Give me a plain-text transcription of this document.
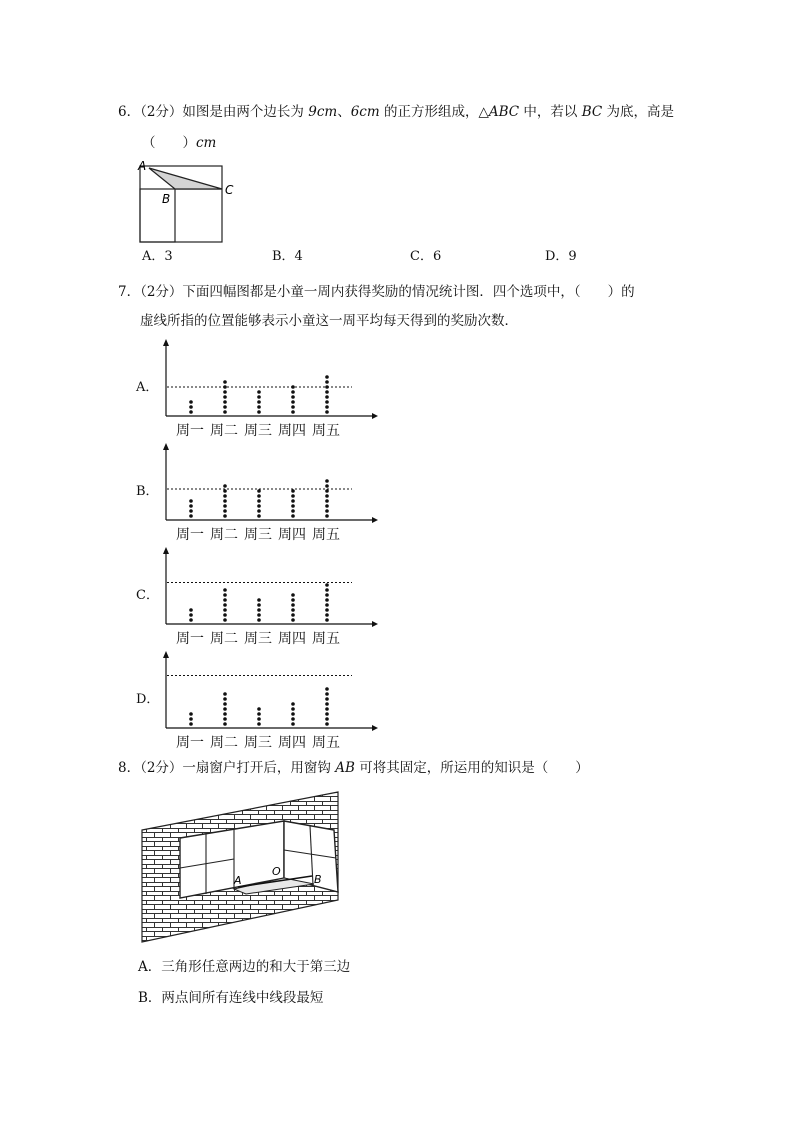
6．（2分）如图是由两个边长为 9cm、6cm 的正方形组成，△ABC 中，若以 BC 为底，高是
（　　）cm
A
B
C
A．3	B．4	C．6	D．9
7．（2分）下面四幅图都是小童一周内获得奖励的情况统计图．四个选项中，（　　）的
虚线所指的位置能够表示小童这一周平均每天得到的奖励次数．
A．
周一 周二 周三 周四 周五
B．
周一 周二 周三 周四 周五
C．
周一 周二 周三 周四 周五
D．
周一 周二 周三 周四 周五
8．（2分）一扇窗户打开后，用窗钩 AB 可将其固定，所运用的知识是（　　）
A
O
B
A．三角形任意两边的和大于第三边
B．两点间所有连线中线段最短
